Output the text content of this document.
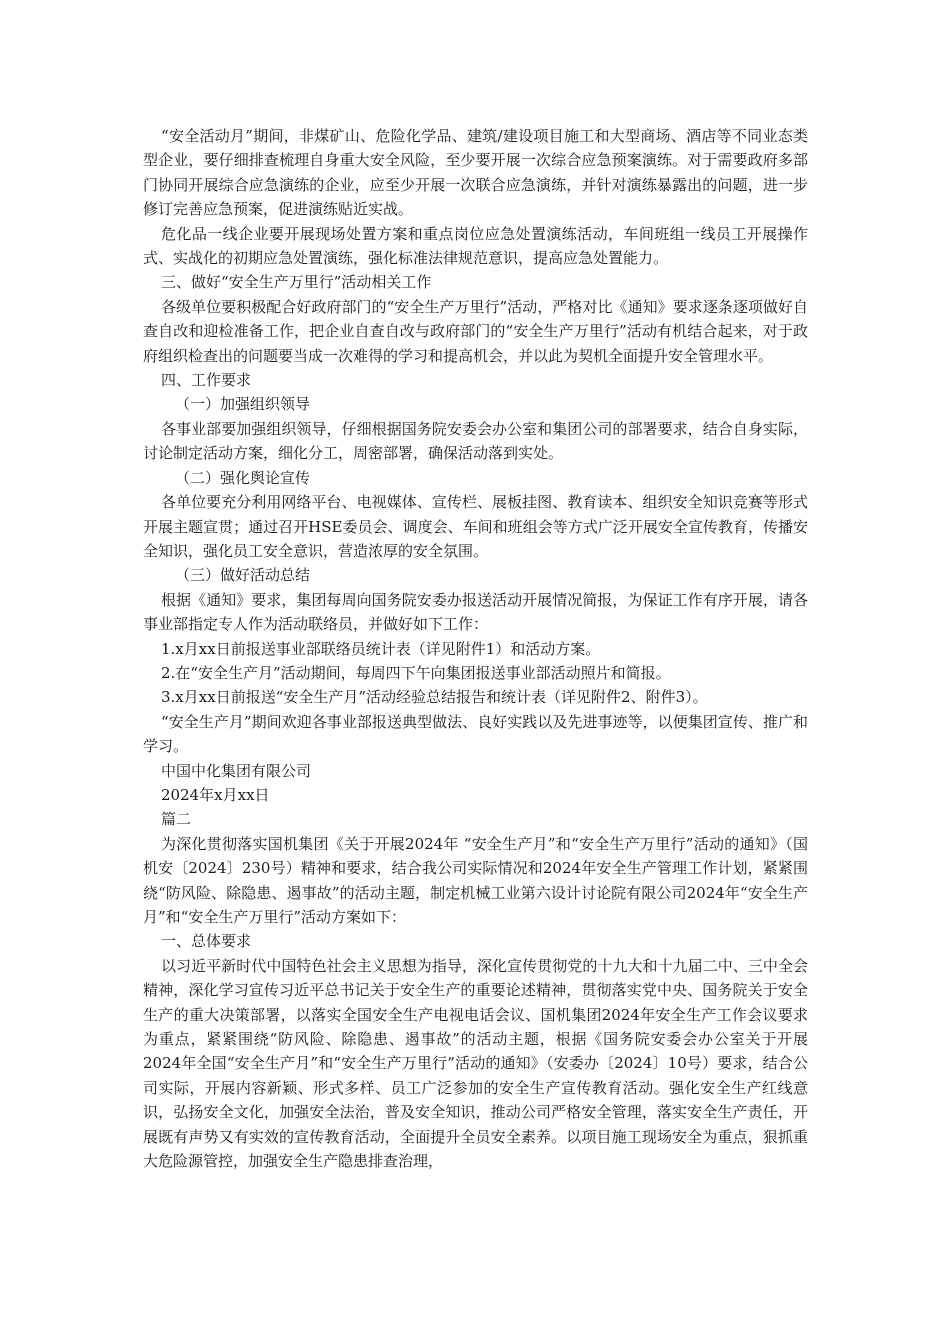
“安全活动月”期间，非煤矿山、危险化学品、建筑/建设项目施工和大型商场、酒店等不同业态类型企业，要仔细排查梳理自身重大安全风险，至少要开展一次综合应急预案演练。对于需要政府多部门协同开展综合应急演练的企业，应至少开展一次联合应急演练，并针对演练暴露出的问题，进一步修订完善应急预案，促进演练贴近实战。

危化品一线企业要开展现场处置方案和重点岗位应急处置演练活动，车间班组一线员工开展操作式、实战化的初期应急处置演练，强化标准法律规范意识，提高应急处置能力。

三、做好“安全生产万里行”活动相关工作

各级单位要积极配合好政府部门的“安全生产万里行”活动，严格对比《通知》要求逐条逐项做好自查自改和迎检准备工作，把企业自查自改与政府部门的“安全生产万里行”活动有机结合起来，对于政府组织检查出的问题要当成一次难得的学习和提高机会，并以此为契机全面提升安全管理水平。

四、工作要求

（一）加强组织领导

各事业部要加强组织领导，仔细根据国务院安委会办公室和集团公司的部署要求，结合自身实际，讨论制定活动方案，细化分工，周密部署，确保活动落到实处。

（二）强化舆论宣传

各单位要充分利用网络平台、电视媒体、宣传栏、展板挂图、教育读本、组织安全知识竞赛等形式开展主题宣贯；通过召开HSE委员会、调度会、车间和班组会等方式广泛开展安全宣传教育，传播安全知识，强化员工安全意识，营造浓厚的安全氛围。

（三）做好活动总结

根据《通知》要求，集团每周向国务院安委办报送活动开展情况简报，为保证工作有序开展，请各事业部指定专人作为活动联络员，并做好如下工作：

1.x月xx日前报送事业部联络员统计表（详见附件1）和活动方案。

2.在“安全生产月”活动期间，每周四下午向集团报送事业部活动照片和简报。

3.x月xx日前报送“安全生产月”活动经验总结报告和统计表（详见附件2、附件3）。

“安全生产月”期间欢迎各事业部报送典型做法、良好实践以及先进事迹等，以便集团宣传、推广和学习。

中国中化集团有限公司

2024年x月xx日

篇二

为深化贯彻落实国机集团《关于开展2024年 “安全生产月”和“安全生产万里行”活动的通知》（国机安〔2024〕230号）精神和要求，结合我公司实际情况和2024年安全生产管理工作计划，紧紧围绕“防风险、除隐患、遏事故”的活动主题，制定机械工业第六设计讨论院有限公司2024年“安全生产月”和“安全生产万里行”活动方案如下：

一、总体要求

以习近平新时代中国特色社会主义思想为指导，深化宣传贯彻党的十九大和十九届二中、三中全会精神，深化学习宣传习近平总书记关于安全生产的重要论述精神，贯彻落实党中央、国务院关于安全生产的重大决策部署，以落实全国安全生产电视电话会议、国机集团2024年安全生产工作会议要求为重点，紧紧围绕“防风险、除隐患、遏事故”的活动主题，根据《国务院安委会办公室关于开展2024年全国“安全生产月”和“安全生产万里行”活动的通知》（安委办〔2024〕10号）要求，结合公司实际，开展内容新颖、形式多样、员工广泛参加的安全生产宣传教育活动。强化安全生产红线意识，弘扬安全文化，加强安全法治，普及安全知识，推动公司严格安全管理，落实安全生产责任，开展既有声势又有实效的宣传教育活动，全面提升全员安全素养。以项目施工现场安全为重点，狠抓重大危险源管控，加强安全生产隐患排查治理，
